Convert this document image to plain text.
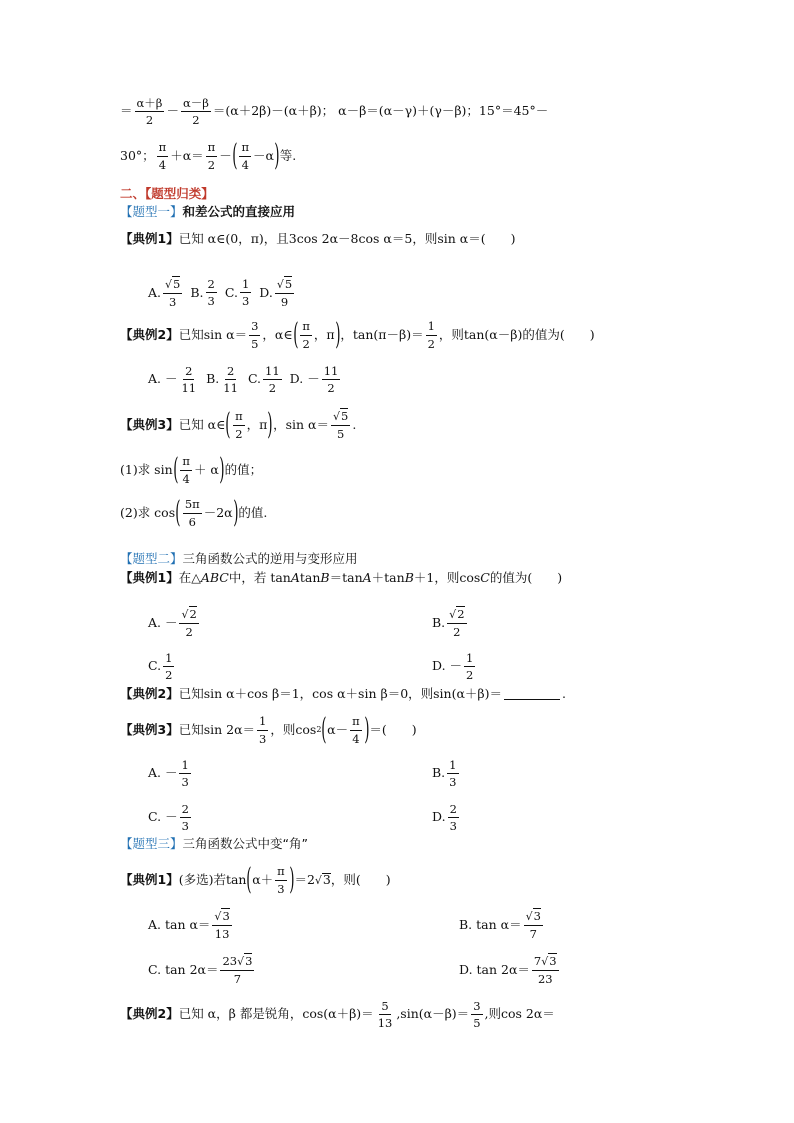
＝ $\frac{\alpha+\beta}{2} - \frac{\alpha-\beta}{2} =(\alpha+2\beta)-(\alpha+\beta)$； α－β＝(α－γ)＋(γ－β)；15°＝45°－
30°； $\frac{\pi}{4} +\alpha= \frac{\pi}{2}$ － ( $\frac{\pi}{4} -\alpha$ ) 等.
二、【题型归类】
【题型一】 和差公式的直接应用
【典例1】 已知 α∈(0，π)，且3cos 2α－8cos α＝5，则sin α＝(　　)
A. $\frac{√5}{3} B$. $\frac{2}{3} C$. $\frac{1}{3} D$. $\frac{√5}{9}$
【典例2】 已知$\sin \alpha= \frac{3}{5}$ ，α∈ ( $\frac{\pi}{2}$ ，π ) ，$\tan(\pi-\beta)= \frac{1}{2}$ ，则tan(α－β)的值为(　　)
A. － $\frac{2}{11} B$. $\frac{2}{11} C$. $\frac{11}{2} D$. － $\frac{11}{2}$
【典例3】 已知 α∈ ( $\frac{\pi}{2}$ ，π ) ，$\sin \alpha= \frac{√5}{5}$ .
(1)求 sin ( $\frac{\pi}{4} + \alpha$ ) 的值；
(2)求 cos ( $\frac{5\pi}{6} -2\alpha$ ) 的值.
【题型二】 三角函数公式的逆用与变形应用
【典例1】 在△ ABC 中，若 tan A tan B ＝tan A ＋tan B ＋1，则cos C 的值为(　　)
A. － $\frac{√2}{2}$	B. $\frac{√2}{2}$
C. $\frac{1}{2}$	D. － $\frac{1}{2}$
【典例2】 已知sin α＋cos β＝1，cos α＋sin β＝0，则sin(α＋β)＝	.
【典例3】 已知$\sin 2\alpha= \frac{1}{3}$ ，则cos 2 ( $\alpha- \frac{\pi}{4}$ ) ＝(　　)
A. － $\frac{1}{3}$	B. $\frac{1}{3}$
C. － $\frac{2}{3}$	D. $\frac{2}{3}$
【题型三】 三角函数公式中变“角”
【典例1】 (多选)若tan ( $\alpha+ \frac{\pi}{3}$ ) ＝2 √ 3 ，则(　　)
A. $\tan \alpha= \frac{√3}{13}$	B. $\tan \alpha= \frac{√3}{7}$
C. $\tan 2\alpha= \frac{23√3}{7}$	D. $\tan 2\alpha= \frac{7√3}{23}$
【典例2】 已知 α，β 都是锐角，$\cos(\alpha+\beta)= \frac{5}{13} ,\sin(\alpha-\beta)= \frac{3}{5}$ ,则cos 2α＝
